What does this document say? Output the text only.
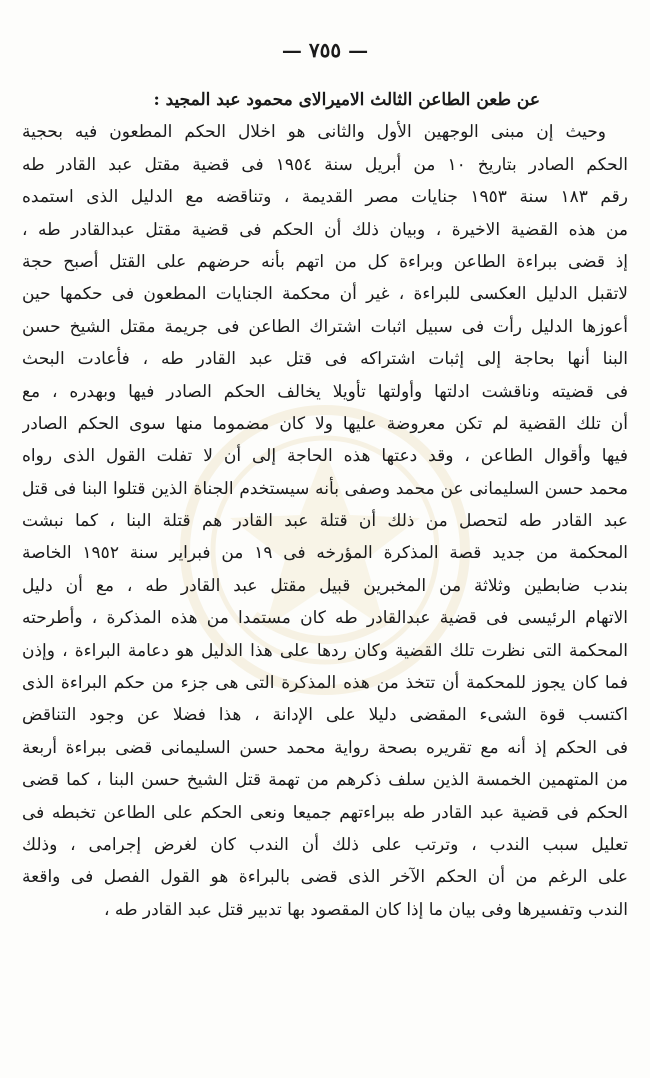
— ٧٥٥ —
عن طعن الطاعن الثالث الاميرالاى محمود عبد المجيد :
وحيث إن مبنى الوجهين الأول والثانى هو اخلال الحكم المطعون فيه بحجية
الحكم الصادر بتاريخ ١٠ من أبريل سنة ١٩٥٤ فى قضية مقتل عبد القادر طه
رقم ١٨٣ سنة ١٩٥٣ جنايات مصر القديمة ، وتناقضه مع الدليل الذى استمده
من هذه القضية الاخيرة ، وبيان ذلك أن الحكم فى قضية مقتل عبدالقادر طه ،
إذ قضى ببراءة الطاعن وبراءة كل من اتهم بأنه حرضهم على القتل أصبح حجة
لاتقبل الدليل العكسى للبراءة ، غير أن محكمة الجنايات المطعون فى حكمها حين
أعوزها الدليل رأت فى سبيل اثبات اشتراك الطاعن فى جريمة مقتل الشيخ حسن
البنا أنها بحاجة إلى إثبات اشتراكه فى قتل عبد القادر طه ، فأعادت البحث
فى قضيته وناقشت ادلتها وأولتها تأويلا يخالف الحكم الصادر فيها وبهدره ، مع
أن تلك القضية لم تكن معروضة عليها ولا كان مضموما منها سوى الحكم الصادر
فيها وأقوال الطاعن ، وقد دعتها هذه الحاجة إلى أن لا تفلت القول الذى رواه
محمد حسن السليمانى عن محمد وصفى بأنه سيستخدم الجناة الذين قتلوا البنا فى قتل
عبد القادر طه لتحصل من ذلك أن قتلة عبد القادر هم قتلة البنا ، كما نبشت
المحكمة من جديد قصة المذكرة المؤرخه فى ١٩ من فبراير سنة ١٩٥٢ الخاصة
بندب ضابطين وثلاثة من المخبرين قبيل مقتل عبد القادر طه ، مع أن دليل
الاتهام الرئيسى فى قضية عبدالقادر طه كان مستمدا من هذه المذكرة ، وأطرحته
المحكمة التى نظرت تلك القضية وكان ردها على هذا الدليل هو دعامة البراءة ، وإذن
فما كان يجوز للمحكمة أن تتخذ من هذه المذكرة التى هى جزء من حكم البراءة الذى
اكتسب قوة الشىء المقضى دليلا على الإدانة ، هذا فضلا عن وجود التناقض
فى الحكم إذ أنه مع تقريره بصحة رواية محمد حسن السليمانى قضى ببراءة أربعة
من المتهمين الخمسة الذين سلف ذكرهم من تهمة قتل الشيخ حسن البنا ، كما قضى
الحكم فى قضية عبد القادر طه ببراءتهم جميعا ونعى الحكم على الطاعن تخبطه فى
تعليل سبب الندب ، وترتب على ذلك أن الندب كان لغرض إجرامى ، وذلك
على الرغم من أن الحكم الآخر الذى قضى بالبراءة هو القول الفصل فى واقعة
الندب وتفسيرها وفى بيان ما إذا كان المقصود بها تدبير قتل عبد القادر طه ،
